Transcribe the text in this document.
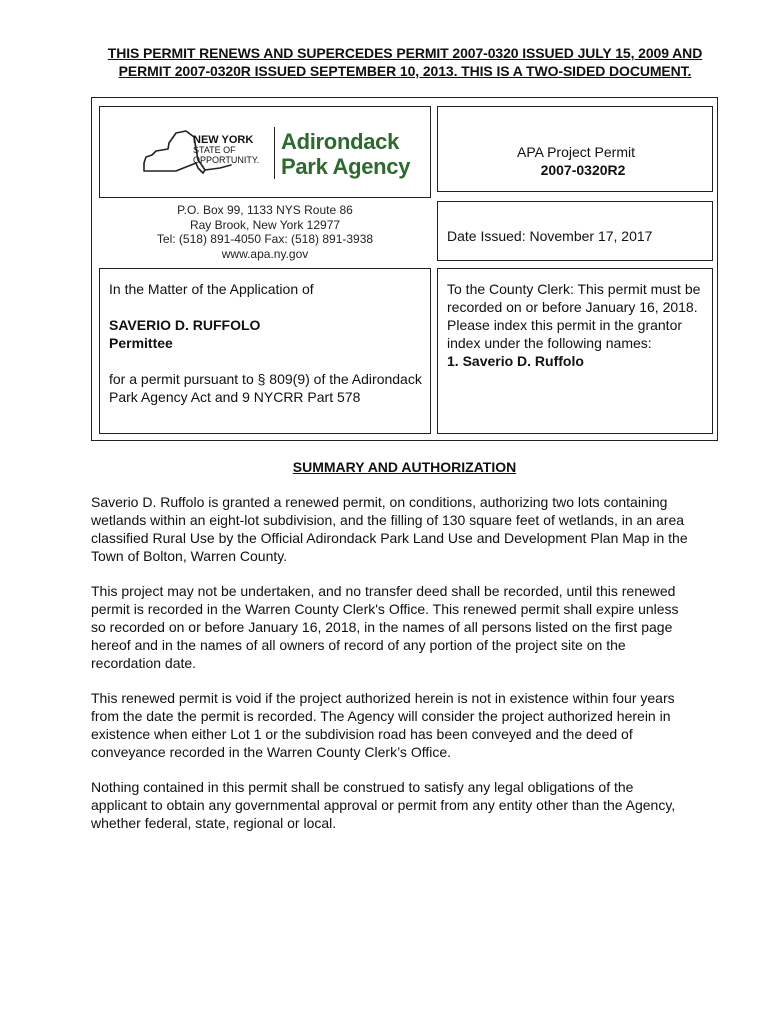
THIS PERMIT RENEWS AND SUPERCEDES PERMIT 2007-0320 ISSUED JULY 15, 2009 AND PERMIT 2007-0320R ISSUED SEPTEMBER 10, 2013. THIS IS A TWO-SIDED DOCUMENT.
NEW YORK
STATE OF
OPPORTUNITY.
Adirondack
Park Agency
P.O. Box 99, 1133 NYS Route 86
Ray Brook, New York 12977
Tel: (518) 891-4050 Fax: (518) 891-3938
www.apa.ny.gov
APA Project Permit
2007-0320R2
Date Issued: November 17, 2017

In the Matter of the Application of

SAVERIO D. RUFFOLO

Permittee

for a permit pursuant to § 809(9) of the Adirondack Park Agency Act and 9 NYCRR Part 578

To the County Clerk: This permit must be recorded on or before January 16, 2018. Please index this permit in the grantor index under the following names:

1. Saverio D. Ruffolo

SUMMARY AND AUTHORIZATION

Saverio D. Ruffolo is granted a renewed permit, on conditions, authorizing two lots containing wetlands within an eight-lot subdivision, and the filling of 130 square feet of wetlands, in an area classified Rural Use by the Official Adirondack Park Land Use and Development Plan Map in the Town of Bolton, Warren County.

This project may not be undertaken, and no transfer deed shall be recorded, until this renewed permit is recorded in the Warren County Clerk's Office. This renewed permit shall expire unless so recorded on or before January 16, 2018, in the names of all persons listed on the first page hereof and in the names of all owners of record of any portion of the project site on the recordation date.

This renewed permit is void if the project authorized herein is not in existence within four years from the date the permit is recorded. The Agency will consider the project authorized herein in existence when either Lot 1 or the subdivision road has been conveyed and the deed of conveyance recorded in the Warren County Clerk’s Office.

Nothing contained in this permit shall be construed to satisfy any legal obligations of the applicant to obtain any governmental approval or permit from any entity other than the Agency, whether federal, state, regional or local.
